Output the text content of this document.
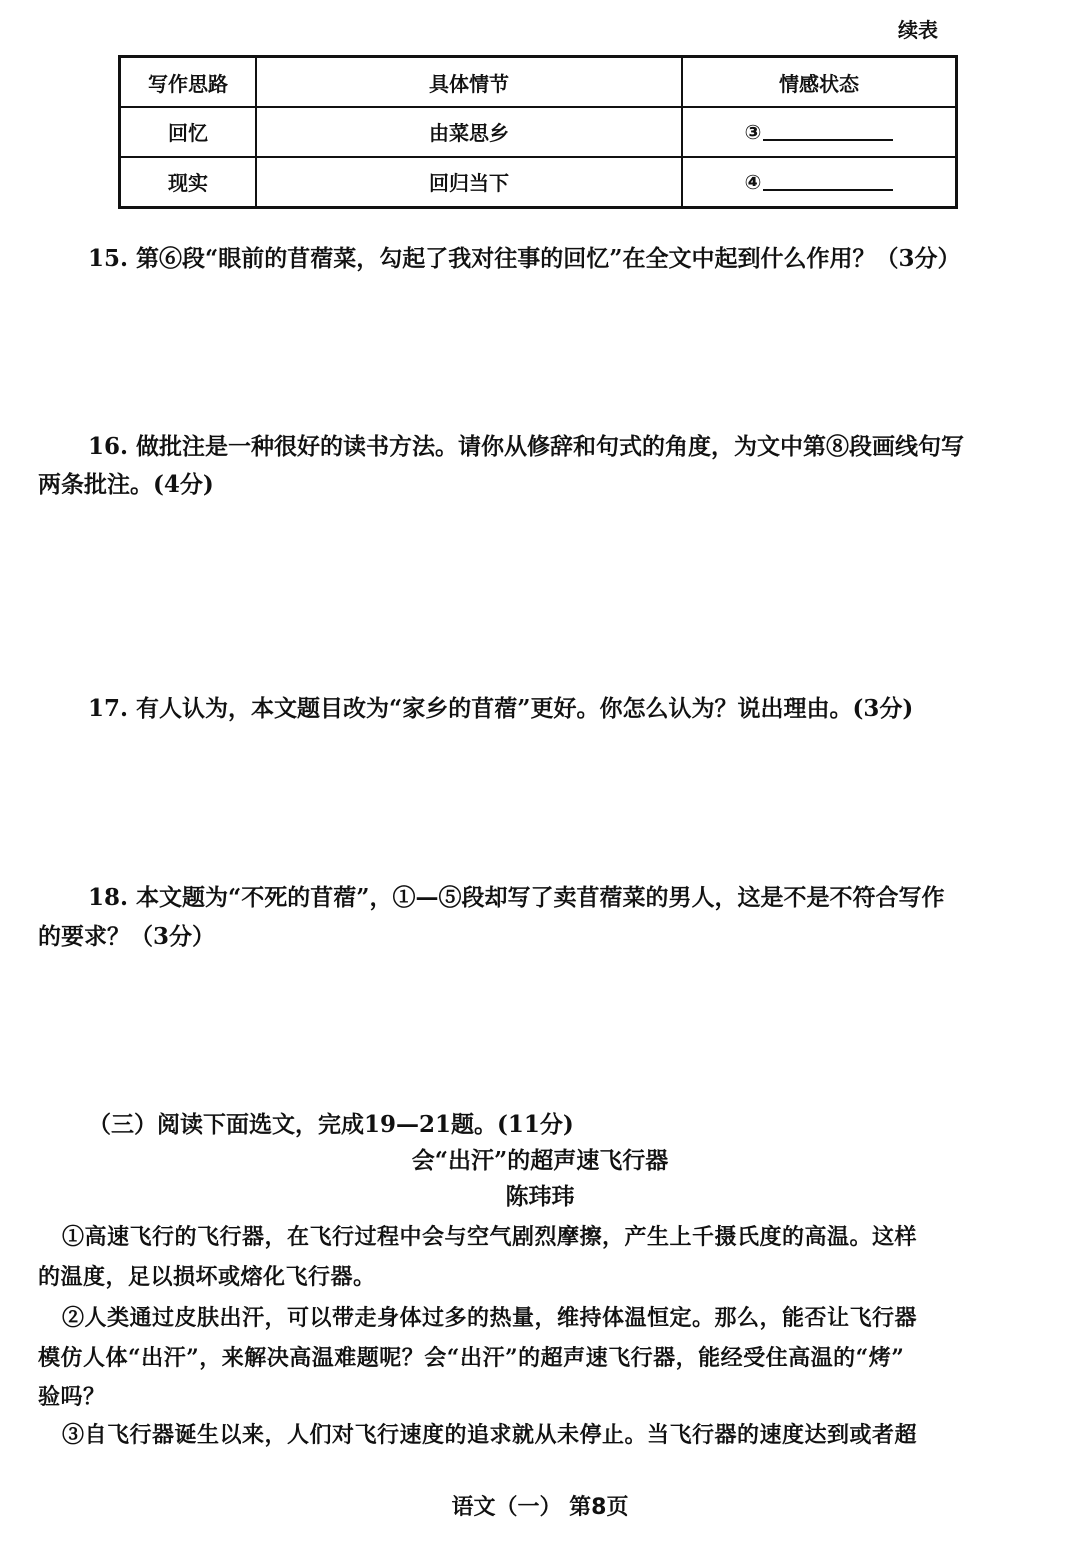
续表
写作思路	具体情节	情感状态
回忆	由菜思乡	③
现实	回归当下	④
15. 第⑥段“眼前的苜蓿菜，勾起了我对往事的回忆”在全文中起到什么作用？（3分）
16. 做批注是一种很好的读书方法。请你从修辞和句式的角度，为文中第⑧段画线句写
两条批注。(4分)
17. 有人认为，本文题目改为“家乡的苜蓿”更好。你怎么认为？说出理由。(3分)
18. 本文题为“不死的苜蓿”，①—⑤段却写了卖苜蓿菜的男人，这是不是不符合写作
的要求？（3分）
（三）阅读下面选文，完成19—21题。(11分)
会“出汗”的超声速飞行器
陈玮玮
①高速飞行的飞行器，在飞行过程中会与空气剧烈摩擦，产生上千摄氏度的高温。这样
的温度，足以损坏或熔化飞行器。
②人类通过皮肤出汗，可以带走身体过多的热量，维持体温恒定。那么，能否让飞行器
模仿人体“出汗”，来解决高温难题呢？会“出汗”的超声速飞行器，能经受住高温的“烤”
验吗？
③自飞行器诞生以来，人们对飞行速度的追求就从未停止。当飞行器的速度达到或者超
语文（一） 第8页
